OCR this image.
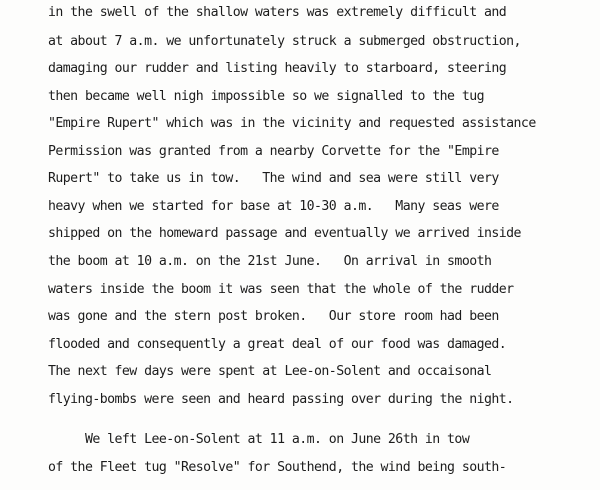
in the swell of the shallow waters was extremely difficult and

at about 7 a.m. we unfortunately struck a submerged obstruction,

damaging our rudder and listing heavily to starboard, steering

then became well nigh impossible so we signalled to the tug

"Empire Rupert" which was in the vicinity and requested assistance

Permission was granted from a nearby Corvette for the "Empire

Rupert" to take us in tow.   The wind and sea were still very

heavy when we started for base at 10-30 a.m.   Many seas were

shipped on the homeward passage and eventually we arrived inside

the boom at 10 a.m. on the 21st June.   On arrival in smooth

waters inside the boom it was seen that the whole of the rudder

was gone and the stern post broken.   Our store room had been

flooded and consequently a great deal of our food was damaged.

The next few days were spent at Lee-on-Solent and occaisonal

flying-bombs were seen and heard passing over during the night.

We left Lee-on-Solent at 11 a.m. on June 26th in tow

of the Fleet tug "Resolve" for Southend, the wind being south-
